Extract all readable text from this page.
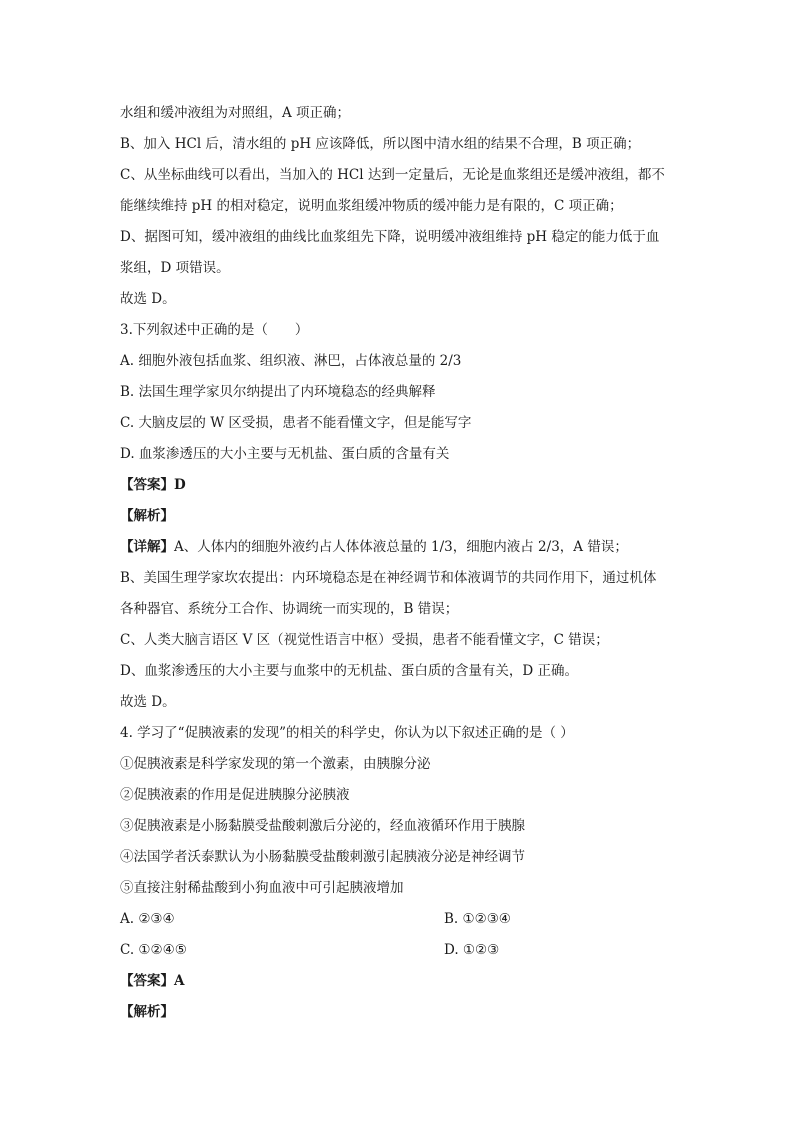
水组和缓冲液组为对照组，A 项正确；
B、加入 HCl 后，清水组的 pH 应该降低，所以图中清水组的结果不合理，B 项正确；
C、从坐标曲线可以看出，当加入的 HCl 达到一定量后，无论是血浆组还是缓冲液组，都不
能继续维持 pH 的相对稳定，说明血浆组缓冲物质的缓冲能力是有限的，C 项正确；
D、据图可知，缓冲液组的曲线比血浆组先下降，说明缓冲液组维持 pH 稳定的能力低于血
浆组，D 项错误。
故选 D。
3.下列叙述中正确的是（　　）
A. 细胞外液包括血浆、组织液、淋巴，占体液总量的 2/3
B. 法国生理学家贝尔纳提出了内环境稳态的经典解释
C. 大脑皮层的 W 区受损，患者不能看懂文字，但是能写字
D. 血浆渗透压的大小主要与无机盐、蛋白质的含量有关
【答案】D
【解析】
【详解】A、人体内的细胞外液约占人体体液总量的 1/3，细胞内液占 2/3，A 错误；
B、美国生理学家坎农提出：内环境稳态是在神经调节和体液调节的共同作用下，通过机体
各种器官、系统分工合作、协调统一而实现的，B 错误；
C、人类大脑言语区 V 区（视觉性语言中枢）受损，患者不能看懂文字，C 错误；
D、血浆渗透压的大小主要与血浆中的无机盐、蛋白质的含量有关，D 正确。
故选 D。
4. 学习了“促胰液素的发现”的相关的科学史，你认为以下叙述正确的是（ ）
①促胰液素是科学家发现的第一个激素，由胰腺分泌
②促胰液素的作用是促进胰腺分泌胰液
③促胰液素是小肠黏膜受盐酸刺激后分泌的，经血液循环作用于胰腺
④法国学者沃泰默认为小肠黏膜受盐酸刺激引起胰液分泌是神经调节
⑤直接注射稀盐酸到小狗血液中可引起胰液增加
A. ②③④	B. ①②③④
C. ①②④⑤	D. ①②③
【答案】A
【解析】
